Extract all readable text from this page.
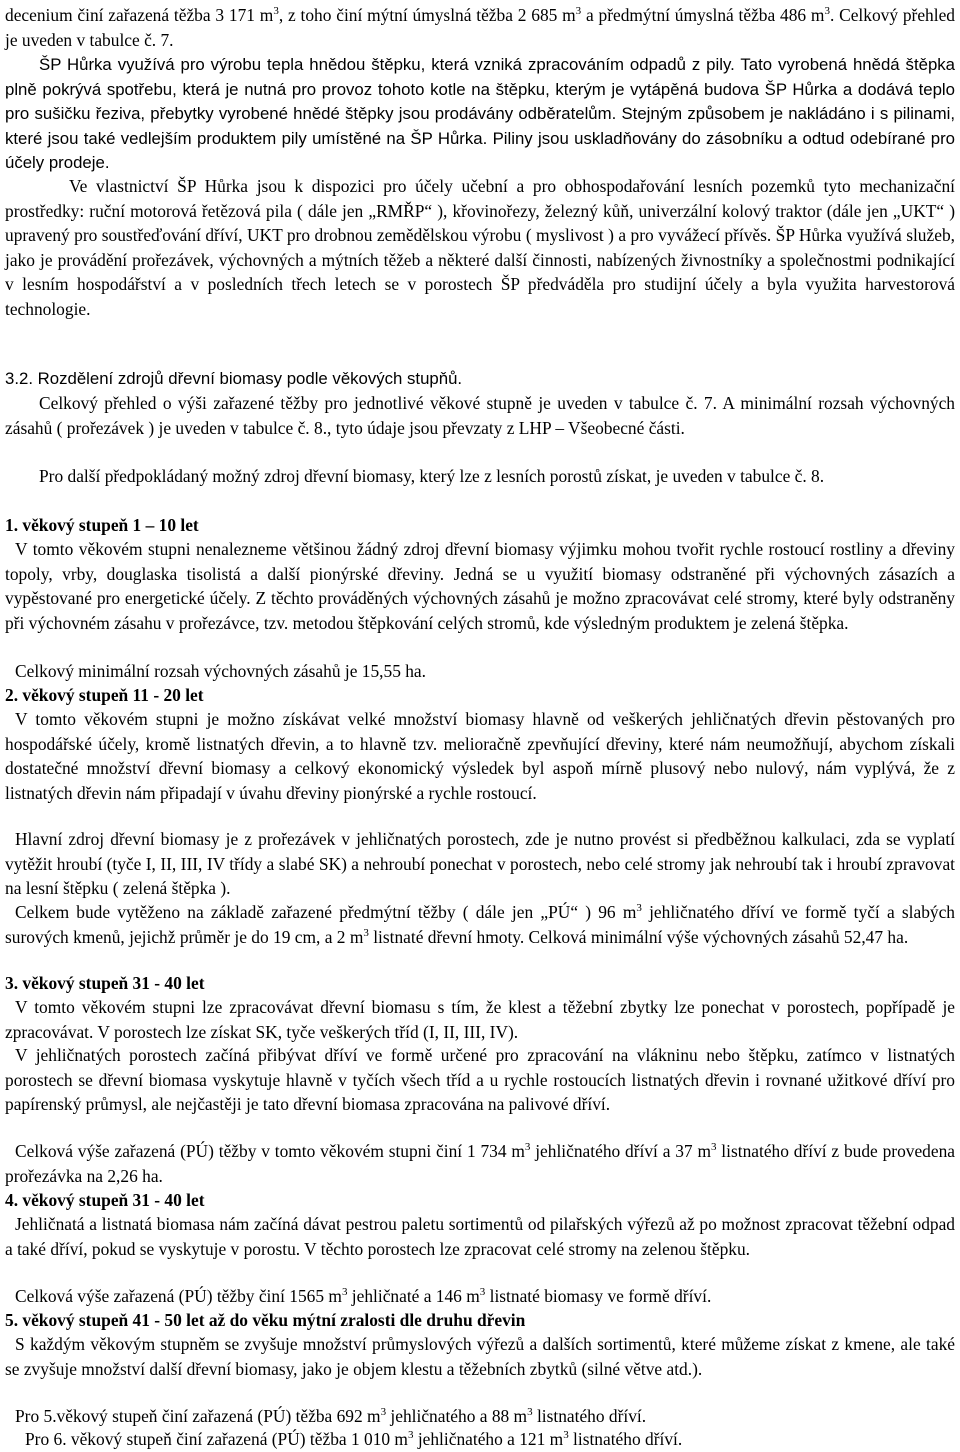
decenium činí zařazená těžba 3 171 $m^3$, z toho činí mýtní úmyslná těžba 2 685 $m^3$ a předmýtní úmyslná těžba 486 $m^3$. Celkový přehled je uveden v tabulce č. 7.

ŠP Hůrka využívá pro výrobu tepla hnědou štěpku, která vzniká zpracováním odpadů z pily. Tato vyrobená hnědá štěpka plně pokrývá spotřebu, která je nutná pro provoz tohoto kotle na štěpku, kterým je vytápěná budova ŠP Hůrka a dodává teplo pro sušičku řeziva, přebytky vyrobené hnědé štěpky jsou prodávány odběratelům. Stejným způsobem je nakládáno i s pilinami, které jsou také vedlejším produktem pily umístěné na ŠP Hůrka. Piliny jsou uskladňovány do zásobníku a odtud odebírané pro účely prodeje.

Ve vlastnictví ŠP Hůrka jsou k dispozici pro účely učební a pro obhospodařování lesních pozemků tyto mechanizační prostředky: ruční motorová řetězová pila ( dále jen „RMŘP“ ), křovinořezy, železný kůň, univerzální kolový traktor (dále jen „UKT“ ) upravený pro soustřeďování dříví, UKT pro drobnou zemědělskou výrobu ( myslivost ) a pro vyvážecí přívěs. ŠP Hůrka využívá služeb, jako je provádění prořezávek, výchovných a mýtních těžeb a některé další činnosti, nabízených živnostníky a společnostmi podnikající v lesním hospodářství a v posledních třech letech se v porostech ŠP předváděla pro studijní účely a byla využita harvestorová technologie.

3.2. Rozdělení zdrojů dřevní biomasy podle věkových stupňů.

Celkový přehled o výši zařazené těžby pro jednotlivé věkové stupně je uveden v tabulce č. 7. A minimální rozsah výchovných zásahů ( prořezávek ) je uveden v tabulce č. 8., tyto údaje jsou převzaty z LHP – Všeobecné části.

Pro další předpokládaný možný zdroj dřevní biomasy, který lze z lesních porostů získat, je uveden v tabulce č. 8.

1. věkový stupeň 1 – 10 let

V tomto věkovém stupni nenalezneme většinou žádný zdroj dřevní biomasy výjimku mohou tvořit rychle rostoucí rostliny a dřeviny topoly, vrby, douglaska tisolistá a další pionýrské dřeviny. Jedná se u využití biomasy odstraněné při výchovných zásazích a vypěstované pro energetické účely. Z těchto prováděných výchovných zásahů je možno zpracovávat celé stromy, které byly odstraněny při výchovném zásahu v prořezávce, tzv. metodou štěpkování celých stromů, kde výsledným produktem je zelená štěpka.

Celkový minimální rozsah výchovných zásahů je 15,55 ha.

2. věkový stupeň 11 - 20 let

V tomto věkovém stupni je možno získávat velké množství biomasy hlavně od veškerých jehličnatých dřevin pěstovaných pro hospodářské účely, kromě listnatých dřevin, a to hlavně tzv. melioračně zpevňující dřeviny, které nám neumožňují, abychom získali dostatečné množství dřevní biomasy a celkový ekonomický výsledek byl aspoň mírně plusový nebo nulový, nám vyplývá, že z listnatých dřevin nám připadají v úvahu dřeviny pionýrské a rychle rostoucí.

Hlavní zdroj dřevní biomasy je z prořezávek v jehličnatých porostech, zde je nutno provést si předběžnou kalkulaci, zda se vyplatí vytěžit hroubí (tyče I, II, III, IV třídy a slabé SK) a nehroubí ponechat v porostech, nebo celé stromy jak nehroubí tak i hroubí zpravovat na lesní štěpku ( zelená štěpka ).

Celkem bude vytěženo na základě zařazené předmýtní těžby ( dále jen „PÚ“ ) 96 $m^3$ jehličnatého dříví ve formě tyčí a slabých surových kmenů, jejichž průměr je do 19 cm, a 2 $m^3$ listnaté dřevní hmoty. Celková minimální výše výchovných zásahů 52,47 ha.

3. věkový stupeň 31 - 40 let

V tomto věkovém stupni lze zpracovávat dřevní biomasu s tím, že klest a těžební zbytky lze ponechat v porostech, popřípadě je zpracovávat. V porostech lze získat SK, tyče veškerých tříd (I, II, III, IV).

V jehličnatých porostech začíná přibývat dříví ve formě určené pro zpracování na vlákninu nebo štěpku, zatímco v listnatých porostech se dřevní biomasa vyskytuje hlavně v tyčích všech tříd a u rychle rostoucích listnatých dřevin i rovnané užitkové dříví pro papírenský průmysl, ale nejčastěji je tato dřevní biomasa zpracována na palivové dříví.

Celková výše zařazená (PÚ) těžby v tomto věkovém stupni činí 1 734 $m^3$ jehličnatého dříví a 37 $m^3$ listnatého dříví z bude provedena prořezávka na 2,26 ha.

4. věkový stupeň 31 - 40 let

Jehličnatá a listnatá biomasa nám začíná dávat pestrou paletu sortimentů od pilařských výřezů až po možnost zpracovat těžební odpad a také dříví, pokud se vyskytuje v porostu. V těchto porostech lze zpracovat celé stromy na zelenou štěpku.

Celková výše zařazená (PÚ) těžby činí 1565 $m^3$ jehličnaté a 146 $m^3$ listnaté biomasy ve formě dříví.

5. věkový stupeň 41 - 50 let až do věku mýtní zralosti dle druhu dřevin

S každým věkovým stupněm se zvyšuje množství průmyslových výřezů a dalších sortimentů, které můžeme získat z kmene, ale také se zvyšuje množství další dřevní biomasy, jako je objem klestu a těžebních zbytků (silné větve atd.).

Pro 5.věkový stupeň činí zařazená (PÚ) těžba 692 $m^3$ jehličnatého a 88 $m^3$ listnatého dříví.

Pro 6. věkový stupeň činí zařazená (PÚ) těžba 1 010 $m^3$ jehličnatého a 121 $m^3$ listnatého dříví.
